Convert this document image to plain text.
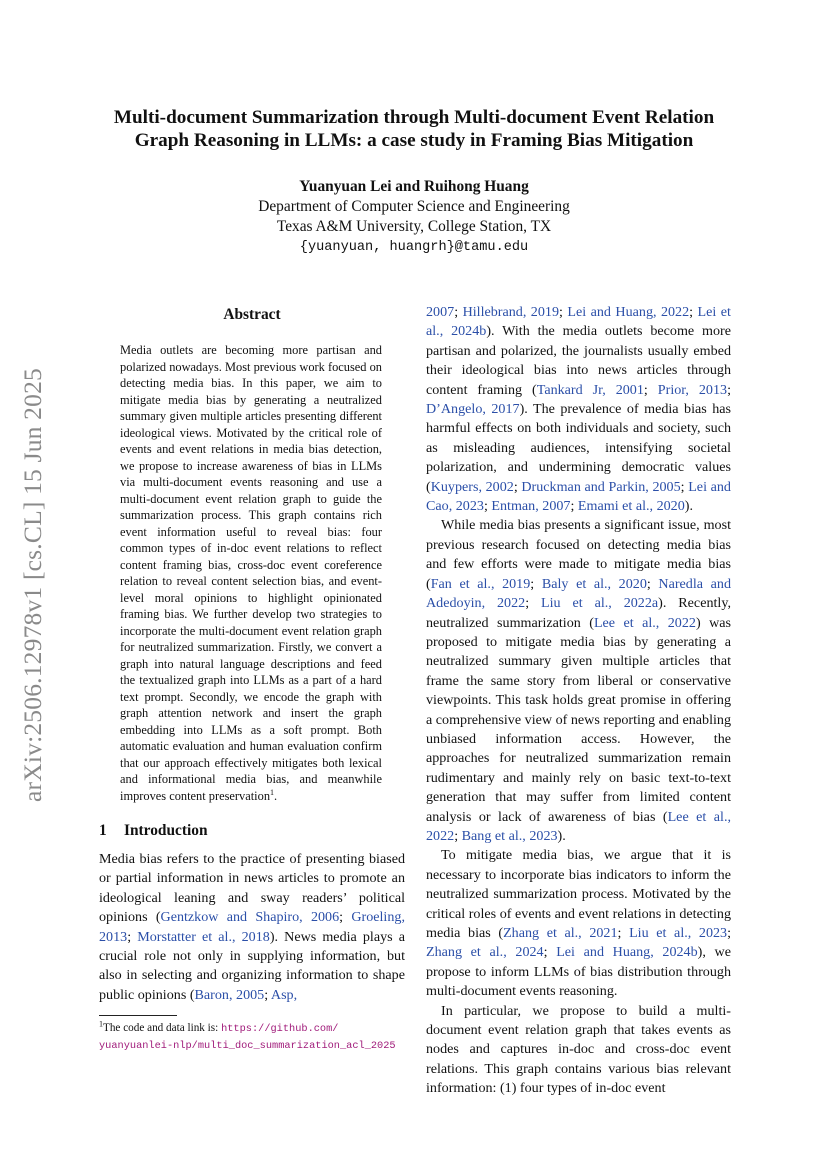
arXiv:2506.12978v1 [cs.CL] 15 Jun 2025
Multi-document Summarization through Multi-document Event Relation
Graph Reasoning in LLMs: a case study in Framing Bias Mitigation
Yuanyuan Lei and Ruihong Huang
Department of Computer Science and Engineering
Texas A&M University, College Station, TX
{yuanyuan, huangrh}@tamu.edu
Abstract

Media outlets are becoming more partisan and polarized nowadays. Most previous work focused on detecting media bias. In this paper, we aim to mitigate media bias by generating a neutralized summary given multiple articles presenting different ideological views. Motivated by the critical role of events and event relations in media bias detection, we propose to increase awareness of bias in LLMs via multi-document events reasoning and use a multi-document event relation graph to guide the summarization process. This graph contains rich event information useful to reveal bias: four common types of in-doc event relations to reflect content framing bias, cross-doc event coreference relation to reveal content selection bias, and event-level moral opinions to highlight opinionated framing bias. We further develop two strategies to incorporate the multi-document event relation graph for neutralized summarization. Firstly, we convert a graph into natural language descriptions and feed the textualized graph into LLMs as a part of a hard text prompt. Secondly, we encode the graph with graph attention network and insert the graph embedding into LLMs as a soft prompt. Both automatic evaluation and human evaluation confirm that our approach effectively mitigates both lexical and informational media bias, and meanwhile improves content preservation$^1$.

1 Introduction

Media bias refers to the practice of presenting biased or partial information in news articles to promote an ideological leaning and sway readers’ political opinions (Gentzkow and Shapiro, 2006; Groeling, 2013; Morstatter et al., 2018). News media plays a crucial role not only in supplying information, but also in selecting and organizing information to shape public opinions (Baron, 2005; Asp,

$^1$The code and data link is: https://github.com/
yuanyuanlei-nlp/multi_doc_summarization_acl_2025

2007; Hillebrand, 2019; Lei and Huang, 2022; Lei et al., 2024b). With the media outlets become more partisan and polarized, the journalists usually embed their ideological bias into news articles through content framing (Tankard Jr, 2001; Prior, 2013; D’Angelo, 2017). The prevalence of media bias has harmful effects on both individuals and society, such as misleading audiences, intensifying societal polarization, and undermining democratic values (Kuypers, 2002; Druckman and Parkin, 2005; Lei and Cao, 2023; Entman, 2007; Emami et al., 2020).

While media bias presents a significant issue, most previous research focused on detecting media bias and few efforts were made to mitigate media bias (Fan et al., 2019; Baly et al., 2020; Naredla and Adedoyin, 2022; Liu et al., 2022a). Recently, neutralized summarization (Lee et al., 2022) was proposed to mitigate media bias by generating a neutralized summary given multiple articles that frame the same story from liberal or conservative viewpoints. This task holds great promise in offering a comprehensive view of news reporting and enabling unbiased information access. However, the approaches for neutralized summarization remain rudimentary and mainly rely on basic text-to-text generation that may suffer from limited content analysis or lack of awareness of bias (Lee et al., 2022; Bang et al., 2023).

To mitigate media bias, we argue that it is necessary to incorporate bias indicators to inform the neutralized summarization process. Motivated by the critical roles of events and event relations in detecting media bias (Zhang et al., 2021; Liu et al., 2023; Zhang et al., 2024; Lei and Huang, 2024b), we propose to inform LLMs of bias distribution through multi-document events reasoning.

In particular, we propose to build a multi-document event relation graph that takes events as nodes and captures in-doc and cross-doc event relations. This graph contains various bias relevant information: (1) four types of in-doc event
